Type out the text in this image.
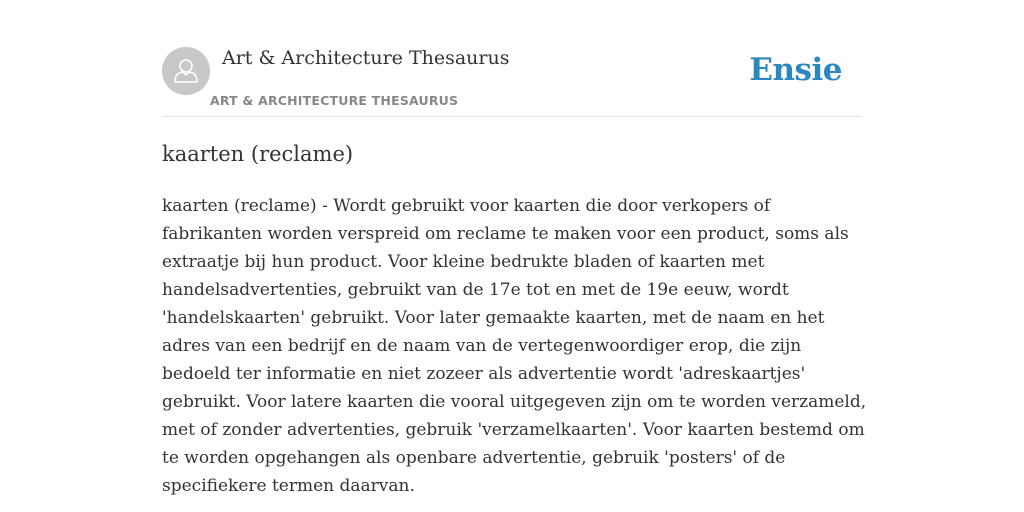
Art & Architecture Thesaurus
ART & ARCHITECTURE THESAURUS
Ensie
kaarten (reclame)

kaarten (reclame) - Wordt gebruikt voor kaarten die door verkopers of
fabrikanten worden verspreid om reclame te maken voor een product, soms als
extraatje bij hun product. Voor kleine bedrukte bladen of kaarten met
handelsadvertenties, gebruikt van de 17e tot en met de 19e eeuw, wordt
'handelskaarten' gebruikt. Voor later gemaakte kaarten, met de naam en het
adres van een bedrijf en de naam van de vertegenwoordiger erop, die zijn
bedoeld ter informatie en niet zozeer als advertentie wordt 'adreskaartjes'
gebruikt. Voor latere kaarten die vooral uitgegeven zijn om te worden verzameld,
met of zonder advertenties, gebruik 'verzamelkaarten'. Voor kaarten bestemd om
te worden opgehangen als openbare advertentie, gebruik 'posters' of de
specifiekere termen daarvan.
